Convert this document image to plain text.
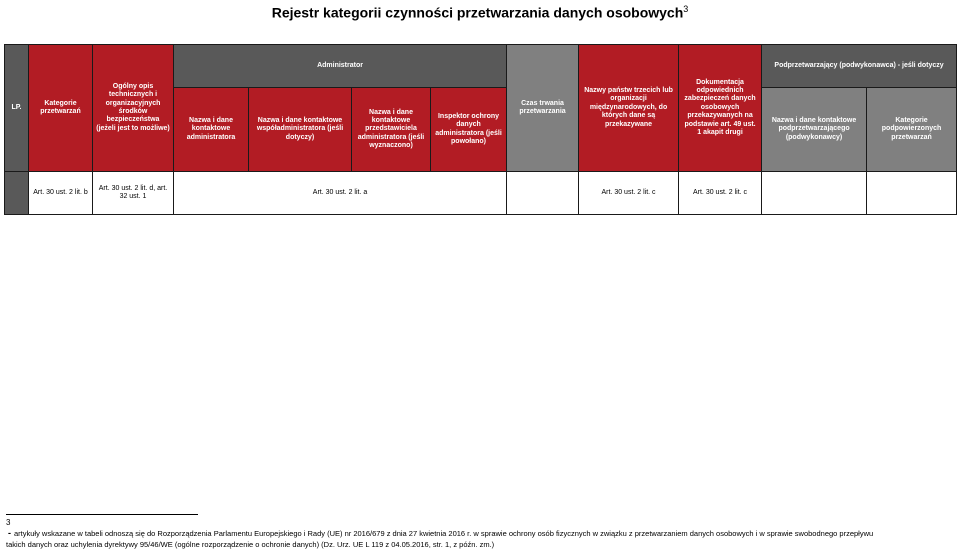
Rejestr kategorii czynności przetwarzania danych osobowych$^3$
LP.	Kategorie przetwarzań	Ogólny opis technicznych i organizacyjnych środków bezpieczeństwa (jeżeli jest to możliwe)	Administrator				Czas trwania przetwarzania	Nazwy państw trzecich lub organizacji międzynarodowych, do których dane są przekazywane	Dokumentacja odpowiednich zabezpieczeń danych osobowych przekazywanych na podstawie art. 49 ust. 1 akapit drugi	Podprzetwarzający (podwykonawca) - jeśli dotyczy	
			Nazwa i dane kontaktowe administratora	Nazwa i dane kontaktowe współadministratora (jeśli dotyczy)	Nazwa i dane kontaktowe przedstawiciela administratora (jeśli wyznaczono)	Inspektor ochrony danych administratora (jeśli powołano)				Nazwa i dane kontaktowe podprzetwarzającego (podwykonawcy)	Kategorie podpowierzonych przetwarzań
	Art. 30 ust. 2 lit. b	Art. 30 ust. 2 lit. d, art. 32 ust. 1	Art. 30 ust. 2 lit. a					Art. 30 ust. 2 lit. c	Art. 30 ust. 2 lit. c		
3
- artykuły wskazane w tabeli odnoszą się do Rozporządzenia Parlamentu Europejskiego i Rady (UE) nr 2016/679 z dnia 27 kwietnia 2016 r. w sprawie ochrony osób fizycznych w związku z przetwarzaniem danych osobowych i w sprawie swobodnego przepływu
takich danych oraz uchylenia dyrektywy 95/46/WE (ogólne rozporządzenie o ochronie danych) (Dz. Urz. UE L 119 z 04.05.2016, str. 1, z późn. zm.)
